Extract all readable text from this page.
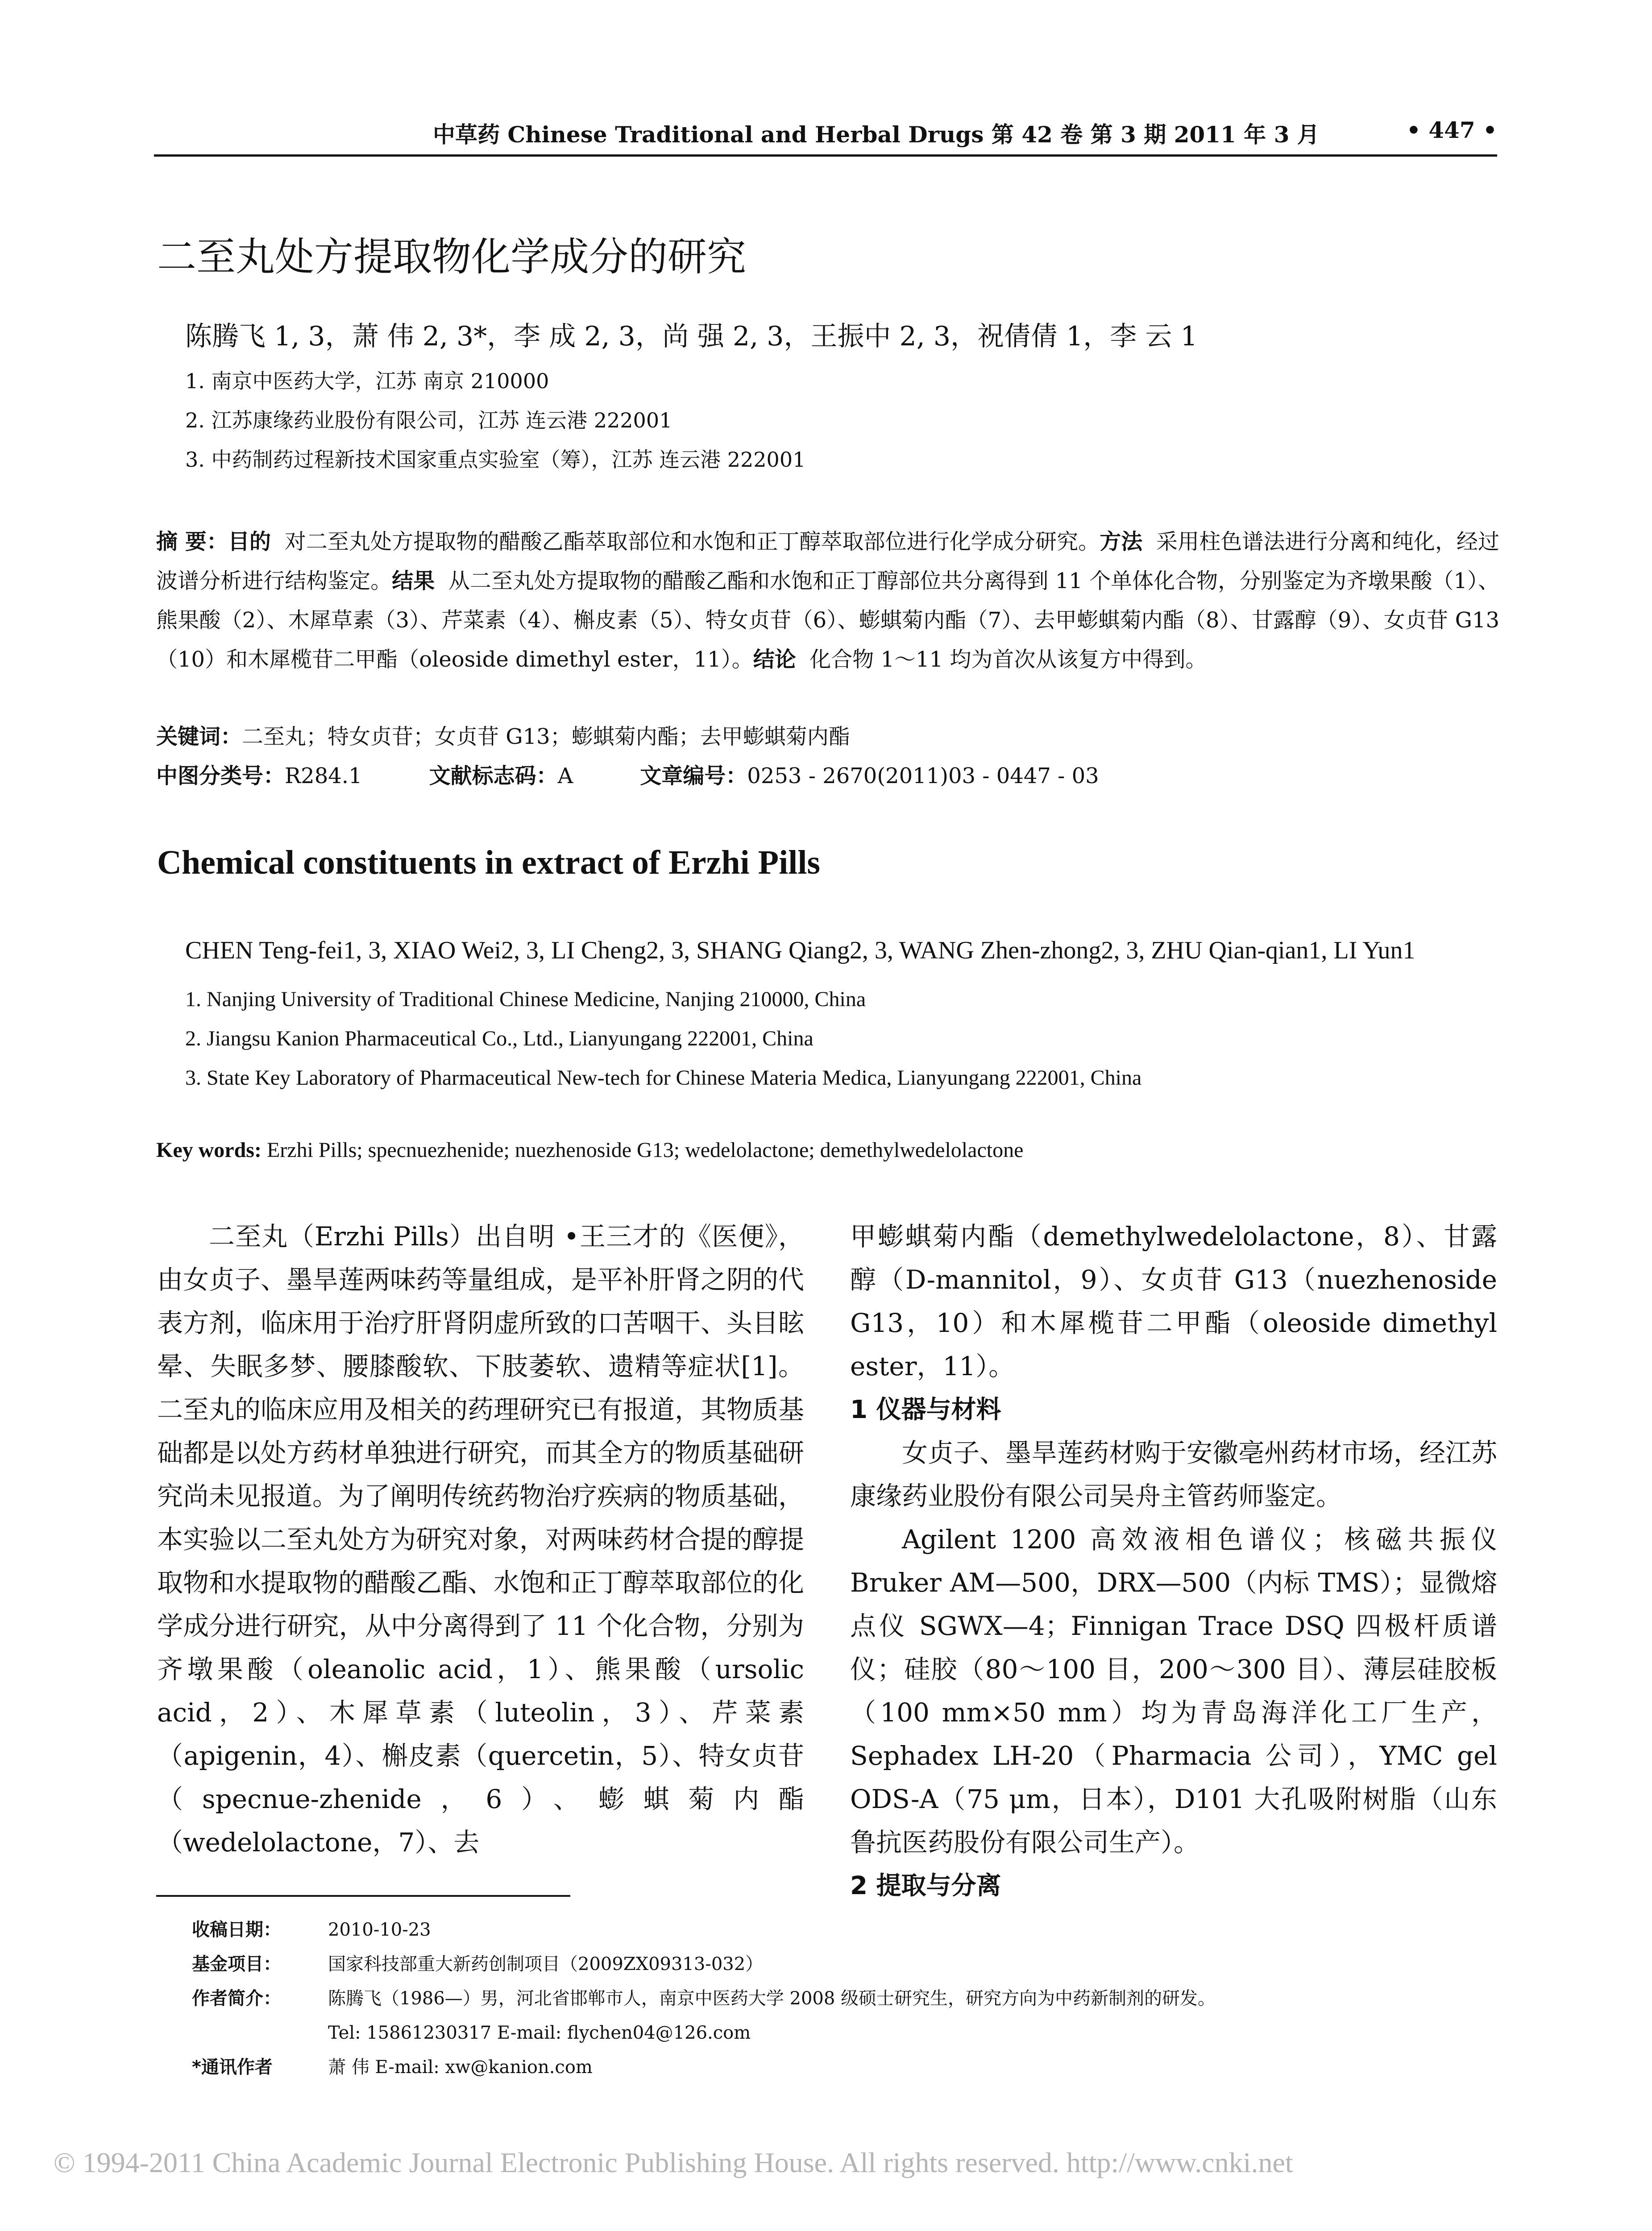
中草药 Chinese Traditional and Herbal Drugs 第 42 卷 第 3 期 2011 年 3 月	• 447 •
二至丸处方提取物化学成分的研究
陈腾飞 1, 3，萧 伟 2, 3*，李 成 2, 3，尚 强 2, 3，王振中 2, 3，祝倩倩 1，李 云 1
1. 南京中医药大学，江苏 南京 210000
2. 江苏康缘药业股份有限公司，江苏 连云港 222001
3. 中药制药过程新技术国家重点实验室（筹），江苏 连云港 222001
摘 要：目的 对二至丸处方提取物的醋酸乙酯萃取部位和水饱和正丁醇萃取部位进行化学成分研究。方法 采用柱色谱法进行分离和纯化，经过波谱分析进行结构鉴定。结果 从二至丸处方提取物的醋酸乙酯和水饱和正丁醇部位共分离得到 11 个单体化合物，分别鉴定为齐墩果酸（1）、熊果酸（2）、木犀草素（3）、芹菜素（4）、槲皮素（5）、特女贞苷（6）、蟛蜞菊内酯（7）、去甲蟛蜞菊内酯（8）、甘露醇（9）、女贞苷 G13（10）和木犀榄苷二甲酯（oleoside dimethyl ester，11）。结论 化合物 1～11 均为首次从该复方中得到。
关键词：二至丸；特女贞苷；女贞苷 G13；蟛蜞菊内酯；去甲蟛蜞菊内酯
中图分类号：R284.1	文献标志码：A	文章编号：0253 - 2670(2011)03 - 0447 - 03
Chemical constituents in extract of Erzhi Pills
CHEN Teng-fei1, 3, XIAO Wei2, 3, LI Cheng2, 3, SHANG Qiang2, 3, WANG Zhen-zhong2, 3, ZHU Qian-qian1, LI Yun1
1. Nanjing University of Traditional Chinese Medicine, Nanjing 210000, China
2. Jiangsu Kanion Pharmaceutical Co., Ltd., Lianyungang 222001, China
3. State Key Laboratory of Pharmaceutical New-tech for Chinese Materia Medica, Lianyungang 222001, China
Key words: Erzhi Pills; specnuezhenide; nuezhenoside G13; wedelolactone; demethylwedelolactone

二至丸（Erzhi Pills）出自明 •王三才的《医便》，由女贞子、墨旱莲两味药等量组成，是平补肝肾之阴的代表方剂，临床用于治疗肝肾阴虚所致的口苦咽干、头目眩晕、失眠多梦、腰膝酸软、下肢萎软、遗精等症状[1]。二至丸的临床应用及相关的药理研究已有报道，其物质基础都是以处方药材单独进行研究，而其全方的物质基础研究尚未见报道。为了阐明传统药物治疗疾病的物质基础，本实验以二至丸处方为研究对象，对两味药材合提的醇提取物和水提取物的醋酸乙酯、水饱和正丁醇萃取部位的化学成分进行研究，从中分离得到了 11 个化合物，分别为齐墩果酸（oleanolic acid，1）、熊果酸（ursolic acid，2）、木犀草素（luteolin，3）、芹菜素（apigenin，4）、槲皮素（quercetin，5）、特女贞苷（specnue-zhenide，6）、蟛蜞菊内酯（wedelolactone，7）、去

甲蟛蜞菊内酯（demethylwedelolactone，8）、甘露醇（D-mannitol，9）、女贞苷 G13（nuezhenoside G13，10）和木犀榄苷二甲酯（oleoside dimethyl ester，11）。

1 仪器与材料

女贞子、墨旱莲药材购于安徽亳州药材市场，经江苏康缘药业股份有限公司吴舟主管药师鉴定。

Agilent 1200 高效液相色谱仪；核磁共振仪 Bruker AM—500，DRX—500（内标 TMS）；显微熔点仪 SGWX—4；Finnigan Trace DSQ 四极杆质谱仪；硅胶（80～100 目，200～300 目）、薄层硅胶板（100 mm×50 mm）均为青岛海洋化工厂生产，Sephadex LH-20（Pharmacia 公司），YMC gel ODS-A（75 μm，日本），D101 大孔吸附树脂（山东鲁抗医药股份有限公司生产）。

2 提取与分离

收稿日期：	2010-10-23
基金项目：	国家科技部重大新药创制项目（2009ZX09313-032）
作者简介：	陈腾飞（1986—）男，河北省邯郸市人，南京中医药大学 2008 级硕士研究生，研究方向为中药新制剂的研发。
Tel: 15861230317 E-mail: flychen04@126.com
*通讯作者	萧 伟 E-mail: xw@kanion.com
© 1994-2011 China Academic Journal Electronic Publishing House. All rights reserved. http://www.cnki.net
